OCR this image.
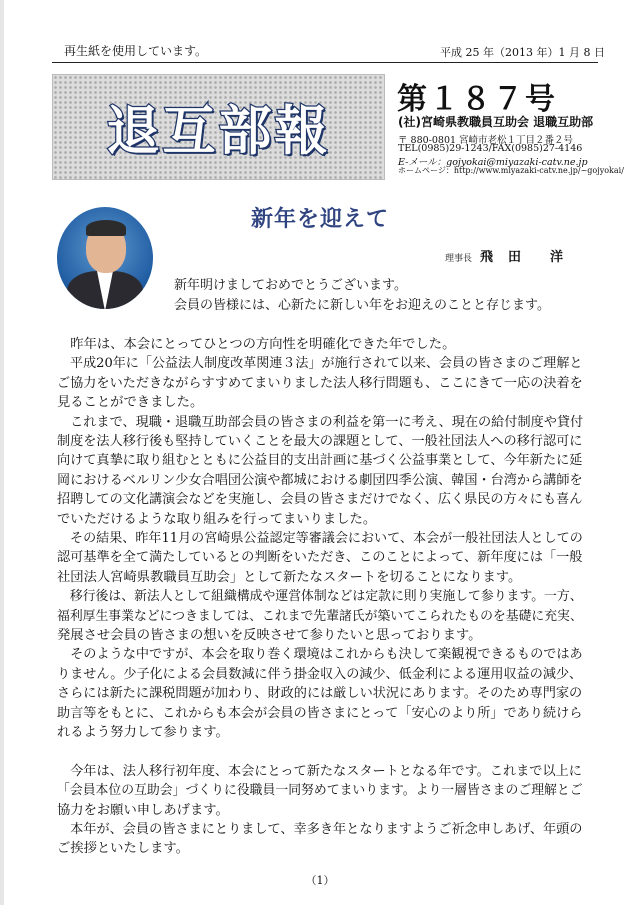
再生紙を使用しています。	平成 25 年（2013 年）1 月 8 日
退互部報
第１８７号
(社)宮崎県教職員互助会 退職互助部
〒 880-0801 宮崎市老松１丁目２番２号
TEL(0985)29-1243/FAX(0985)27-4146
E-メール：gojyokai@miyazaki-catv.ne.jp
ホームページ：http://www.miyazaki-catv.ne.jp/~gojyokai/
新年を迎えて
理事長 飛　田　　洋
新年明けましておめでとうございます。
会員の皆様には、心新たに新しい年をお迎えのことと存じます。
　昨年は、本会にとってひとつの方向性を明確化できた年でした。
　平成20年に「公益法人制度改革関連３法」が施行されて以来、会員の皆さまのご理解と
ご協力をいただきながらすすめてまいりました法人移行問題も、ここにきて一応の決着を
見ることができました。
　これまで、現職・退職互助部会員の皆さまの利益を第一に考え、現在の給付制度や貸付
制度を法人移行後も堅持していくことを最大の課題として、一般社団法人への移行認可に
向けて真摯に取り組むとともに公益目的支出計画に基づく公益事業として、今年新たに延
岡におけるベルリン少女合唱団公演や都城における劇団四季公演、韓国・台湾から講師を
招聘しての文化講演会などを実施し、会員の皆さまだけでなく、広く県民の方々にも喜ん
でいただけるような取り組みを行ってまいりました。
　その結果、昨年11月の宮崎県公益認定等審議会において、本会が一般社団法人としての
認可基準を全て満たしているとの判断をいただき、このことによって、新年度には「一般
社団法人宮崎県教職員互助会」として新たなスタートを切ることになります。
　移行後は、新法人として組織構成や運営体制などは定款に則り実施して参ります。一方、
福利厚生事業などにつきましては、これまで先輩諸氏が築いてこられたものを基礎に充実、
発展させ会員の皆さまの想いを反映させて参りたいと思っております。
　そのような中ですが、本会を取り巻く環境はこれからも決して楽観視できるものではあ
りません。少子化による会員数減に伴う掛金収入の減少、低金利による運用収益の減少、
さらには新たに課税問題が加わり、財政的には厳しい状況にあります。そのため専門家の
助言等をもとに、これからも本会が会員の皆さまにとって「安心のより所」であり続けら
れるよう努力して参ります。
　今年は、法人移行初年度、本会にとって新たなスタートとなる年です。これまで以上に
「会員本位の互助会」づくりに役職員一同努めてまいります。より一層皆さまのご理解とご
協力をお願い申しあげます。
　本年が、会員の皆さまにとりまして、幸多き年となりますようご祈念申しあげ、年頭の
ご挨拶といたします。
（1）
